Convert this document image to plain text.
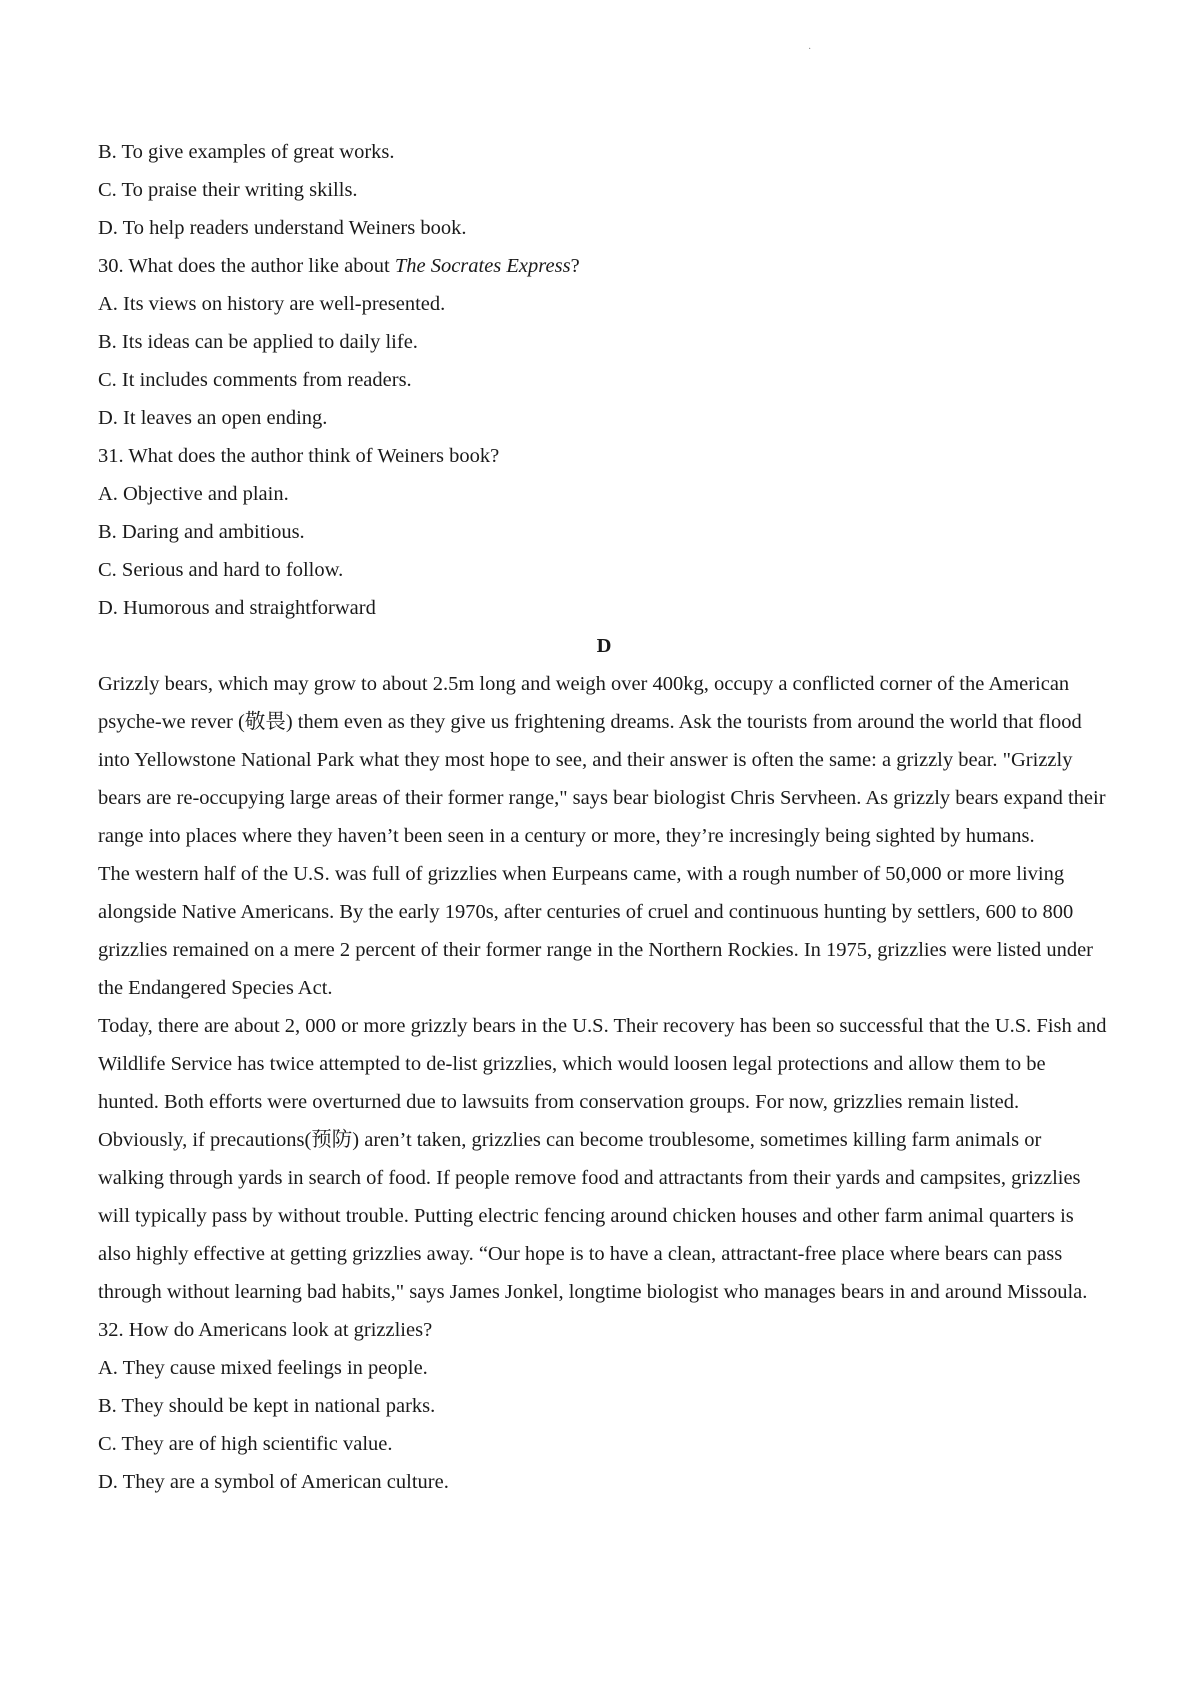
·

B. To give examples of great works.

C. To praise their writing skills.

D. To help readers understand Weiners book.

30. What does the author like about The Socrates Express?

A. Its views on history are well-presented.

B. Its ideas can be applied to daily life.

C. It includes comments from readers.

D. It leaves an open ending.

31. What does the author think of Weiners book?

A. Objective and plain.

B. Daring and ambitious.

C. Serious and hard to follow.

D. Humorous and straightforward

D

Grizzly bears, which may grow to about 2.5m long and weigh over 400kg, occupy a conflicted corner of the American psyche-we rever (敬畏) them even as they give us frightening dreams. Ask the tourists from around the world that flood into Yellowstone National Park what they most hope to see, and their answer is often the same: a grizzly bear. "Grizzly bears are re-occupying large areas of their former range," says bear biologist Chris Servheen. As grizzly bears expand their range into places where they haven’t been seen in a century or more, they’re incresingly being sighted by humans.

The western half of the U.S. was full of grizzlies when Eurpeans came, with a rough number of 50,000 or more living alongside Native Americans. By the early 1970s, after centuries of cruel and continuous hunting by settlers, 600 to 800 grizzlies remained on a mere 2 percent of their former range in the Northern Rockies. In 1975, grizzlies were listed under the Endangered Species Act.

Today, there are about 2, 000 or more grizzly bears in the U.S. Their recovery has been so successful that the U.S. Fish and Wildlife Service has twice attempted to de-list grizzlies, which would loosen legal protections and allow them to be hunted. Both efforts were overturned due to lawsuits from conservation groups. For now, grizzlies remain listed.

Obviously, if precautions(预防) aren’t taken, grizzlies can become troublesome, sometimes killing farm animals or walking through yards in search of food. If people remove food and attractants from their yards and campsites, grizzlies will typically pass by without trouble. Putting electric fencing around chicken houses and other farm animal quarters is also highly effective at getting grizzlies away. “Our hope is to have a clean, attractant-free place where bears can pass through without learning bad habits," says James Jonkel, longtime biologist who manages bears in and around Missoula.

32. How do Americans look at grizzlies?

A. They cause mixed feelings in people.

B. They should be kept in national parks.

C. They are of high scientific value.

D. They are a symbol of American culture.
